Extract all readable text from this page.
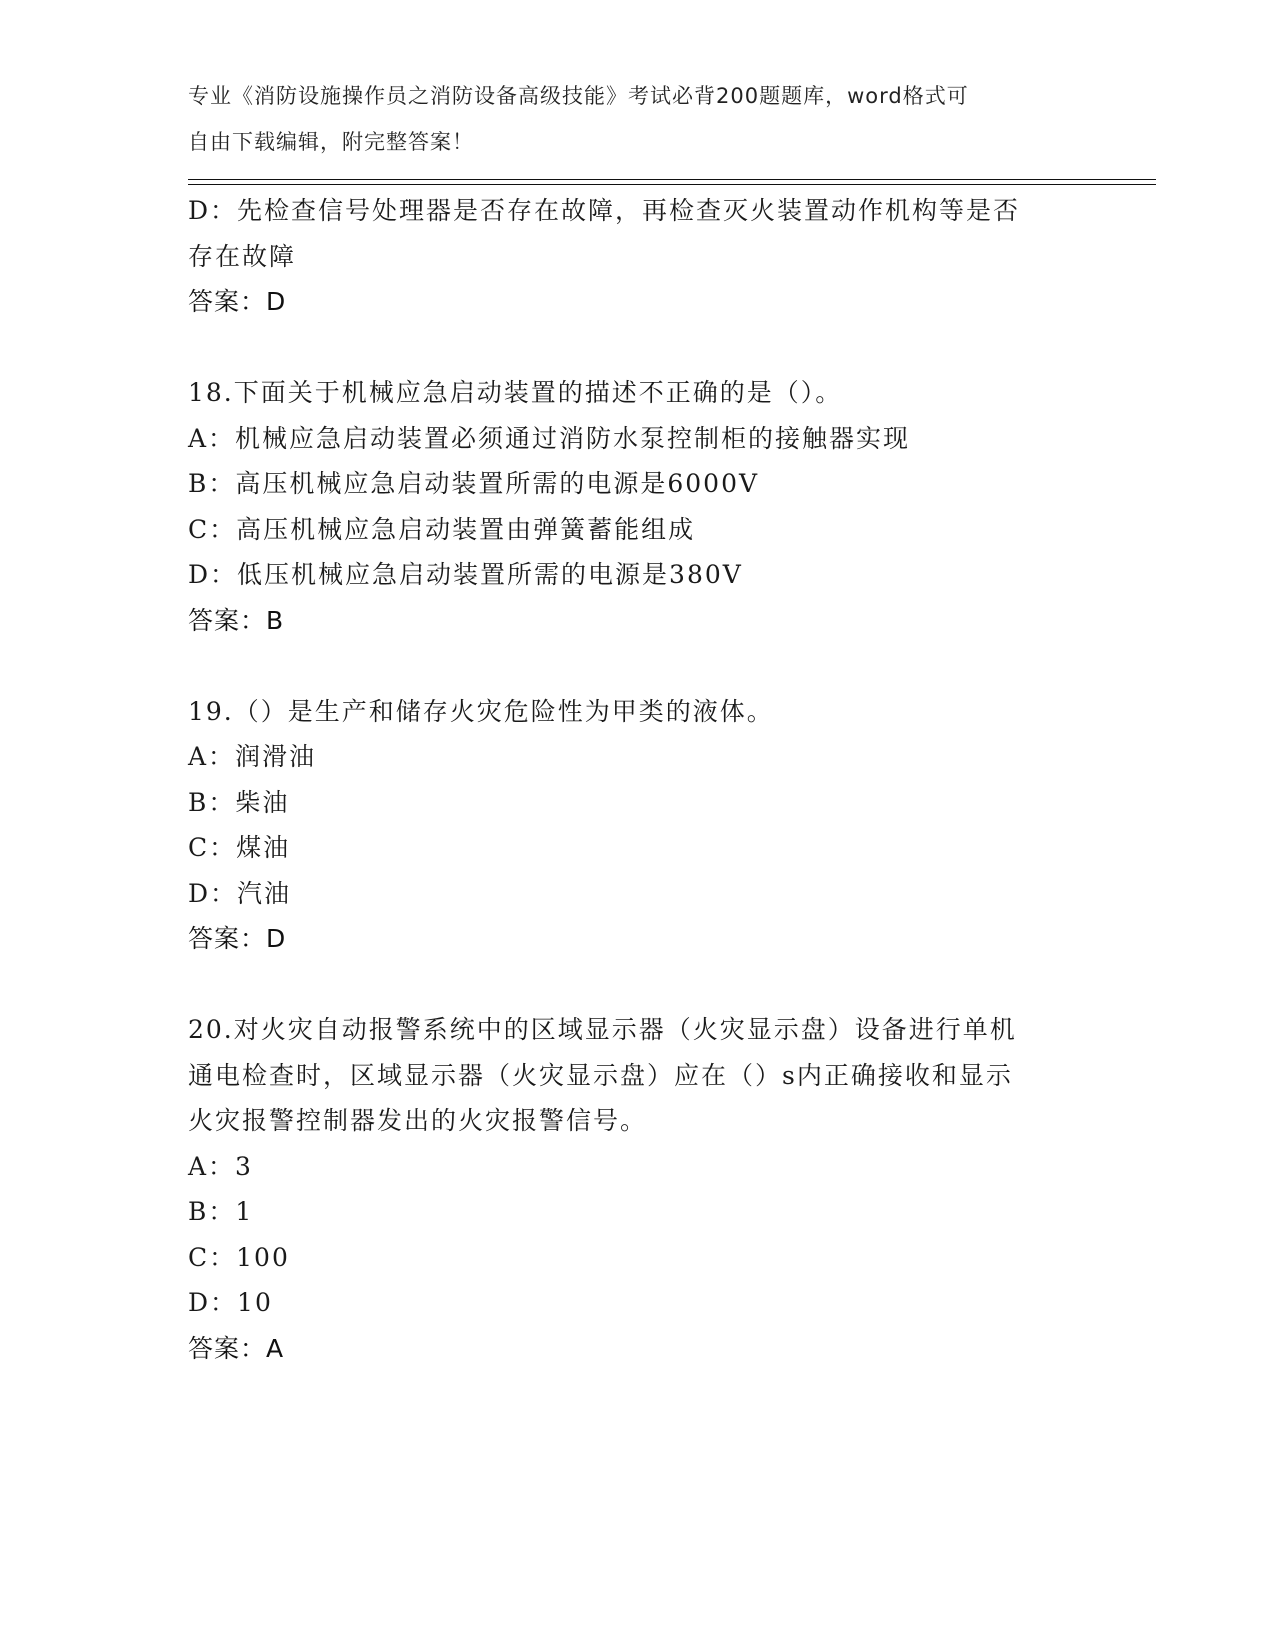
专业《消防设施操作员之消防设备高级技能》考试必背200题题库，word格式可
自由下载编辑，附完整答案！
D：先检查信号处理器是否存在故障，再检查灭火装置动作机构等是否
存在故障
答案：D
18.下面关于机械应急启动装置的描述不正确的是（）。
A：机械应急启动装置必须通过消防水泵控制柜的接触器实现
B：高压机械应急启动装置所需的电源是6000V
C：高压机械应急启动装置由弹簧蓄能组成
D：低压机械应急启动装置所需的电源是380V
答案：B
19.（）是生产和储存火灾危险性为甲类的液体。
A：润滑油
B：柴油
C：煤油
D：汽油
答案：D
20.对火灾自动报警系统中的区域显示器（火灾显示盘）设备进行单机
通电检查时，区域显示器（火灾显示盘）应在（）s内正确接收和显示
火灾报警控制器发出的火灾报警信号。
A：3
B：1
C：100
D：10
答案：A
